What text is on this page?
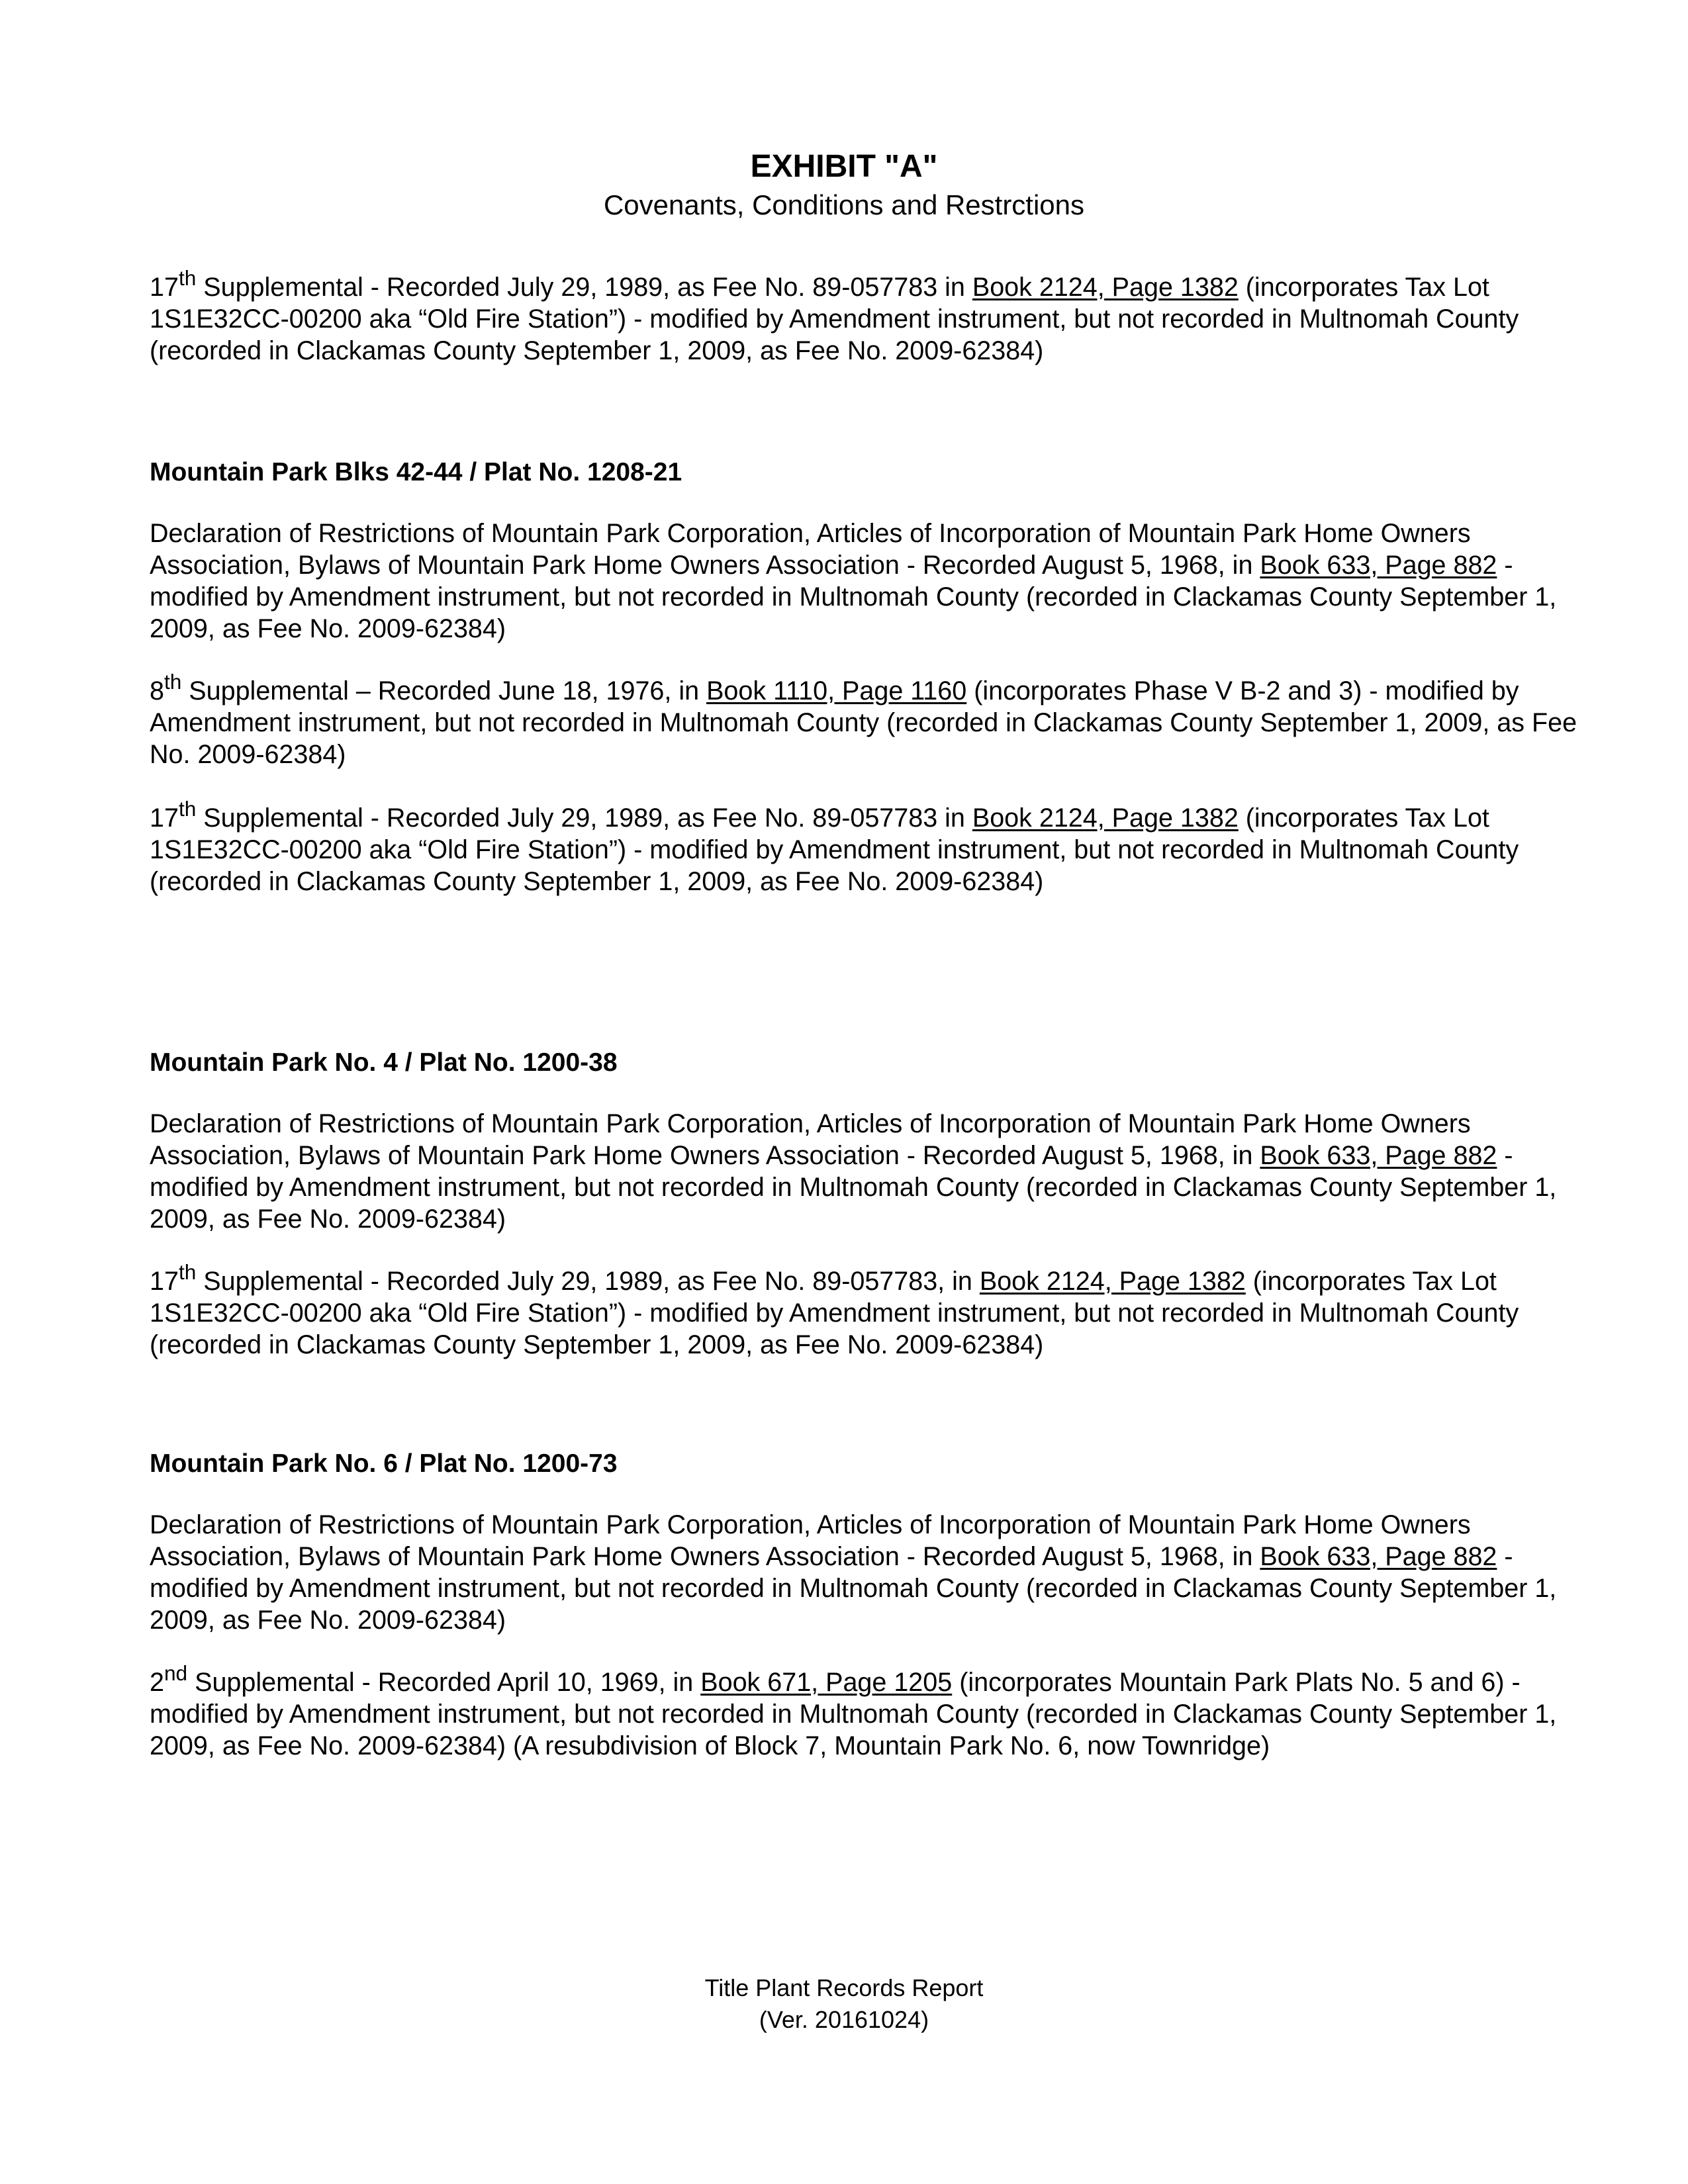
EXHIBIT "A"
Covenants, Conditions and Restrctions
17th Supplemental - Recorded July 29, 1989, as Fee No. 89-057783 in Book 2124, Page 1382 (incorporates Tax Lot 1S1E32CC-00200 aka “Old Fire Station”) - modified by Amendment instrument, but not recorded in Multnomah County (recorded in Clackamas County September 1, 2009, as Fee No. 2009-62384)
Mountain Park Blks 42-44 / Plat No. 1208-21
Declaration of Restrictions of Mountain Park Corporation, Articles of Incorporation of Mountain Park Home Owners Association, Bylaws of Mountain Park Home Owners Association - Recorded August 5, 1968, in Book 633, Page 882 - modified by Amendment instrument, but not recorded in Multnomah County (recorded in Clackamas County September 1, 2009, as Fee No. 2009-62384)
8th Supplemental – Recorded June 18, 1976, in Book 1110, Page 1160 (incorporates Phase V B-2 and 3) - modified by Amendment instrument, but not recorded in Multnomah County (recorded in Clackamas County September 1, 2009, as Fee No. 2009-62384)
17th Supplemental - Recorded July 29, 1989, as Fee No. 89-057783 in Book 2124, Page 1382 (incorporates Tax Lot 1S1E32CC-00200 aka “Old Fire Station”) - modified by Amendment instrument, but not recorded in Multnomah County (recorded in Clackamas County September 1, 2009, as Fee No. 2009-62384)
Mountain Park No. 4 / Plat No. 1200-38
Declaration of Restrictions of Mountain Park Corporation, Articles of Incorporation of Mountain Park Home Owners Association, Bylaws of Mountain Park Home Owners Association - Recorded August 5, 1968, in Book 633, Page 882 - modified by Amendment instrument, but not recorded in Multnomah County (recorded in Clackamas County September 1, 2009, as Fee No. 2009-62384)
17th Supplemental - Recorded July 29, 1989, as Fee No. 89-057783, in Book 2124, Page 1382 (incorporates Tax Lot 1S1E32CC-00200 aka “Old Fire Station”) - modified by Amendment instrument, but not recorded in Multnomah County (recorded in Clackamas County September 1, 2009, as Fee No. 2009-62384)
Mountain Park No. 6 / Plat No. 1200-73
Declaration of Restrictions of Mountain Park Corporation, Articles of Incorporation of Mountain Park Home Owners Association, Bylaws of Mountain Park Home Owners Association - Recorded August 5, 1968, in Book 633, Page 882 - modified by Amendment instrument, but not recorded in Multnomah County (recorded in Clackamas County September 1, 2009, as Fee No. 2009-62384)
2nd Supplemental - Recorded April 10, 1969, in Book 671, Page 1205 (incorporates Mountain Park Plats No. 5 and 6) - modified by Amendment instrument, but not recorded in Multnomah County (recorded in Clackamas County September 1, 2009, as Fee No. 2009-62384) (A resubdivision of Block 7, Mountain Park No. 6, now Townridge)
Title Plant Records Report
(Ver. 20161024)
